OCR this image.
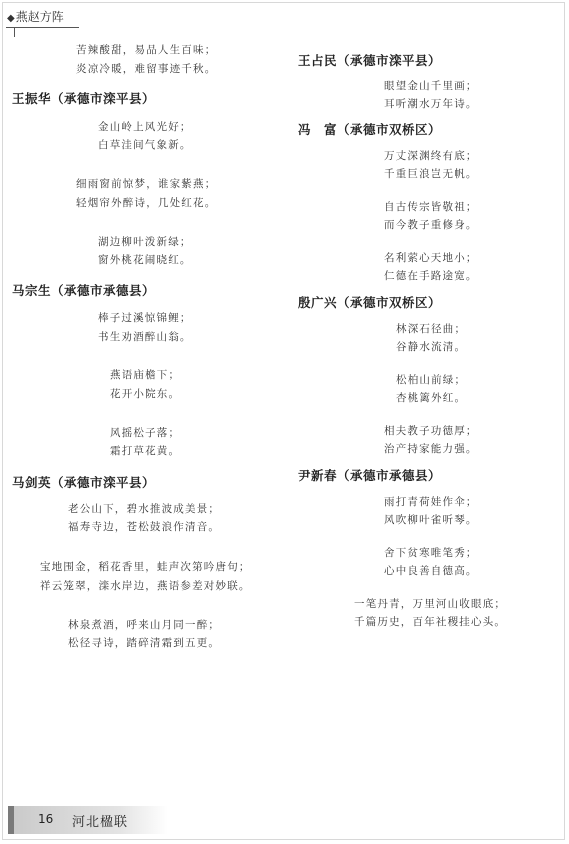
◆燕赵方阵
苦辣酸甜，易品人生百味；
炎凉冷暖，难留事迹千秋。
王振华（承德市滦平县）
金山岭上风光好；
白草洼间气象新。
细雨窗前惊梦，谁家紫燕；
轻烟帘外醉诗，几处红花。
湖边柳叶泼新绿；
窗外桃花闹晓红。
马宗生（承德市承德县）
棒子过溪惊锦鲤；
书生劝酒醉山翁。
燕语庙檐下；
花开小院东。
风摇松子落；
霜打草花黄。
马剑英（承德市滦平县）
老公山下，碧水推波成美景；
福寿寺边，苍松鼓浪作清音。
宝地围金，稻花香里，蛙声次第吟唐句；
祥云笼翠，滦水岸边，燕语参差对妙联。
林泉煮酒，呼来山月同一醉；
松径寻诗，踏碎清霜到五更。
王占民（承德市滦平县）
眼望金山千里画；
耳听潮水万年诗。
冯　富（承德市双桥区）
万丈深渊终有底；
千重巨浪岂无帆。
自古传宗皆敬祖；
而今教子重修身。
名利萦心天地小；
仁德在手路途宽。
殷广兴（承德市双桥区）
林深石径曲；
谷静水流清。
松柏山前绿；
杏桃篱外红。
相夫教子功德厚；
治产持家能力强。
尹新春（承德市承德县）
雨打青荷娃作伞；
风吹柳叶雀听琴。
舍下贫寒唯笔秀；
心中良善自德高。
一笔丹青，万里河山收眼底；
千篇历史，百年社稷挂心头。
16 河北楹联
